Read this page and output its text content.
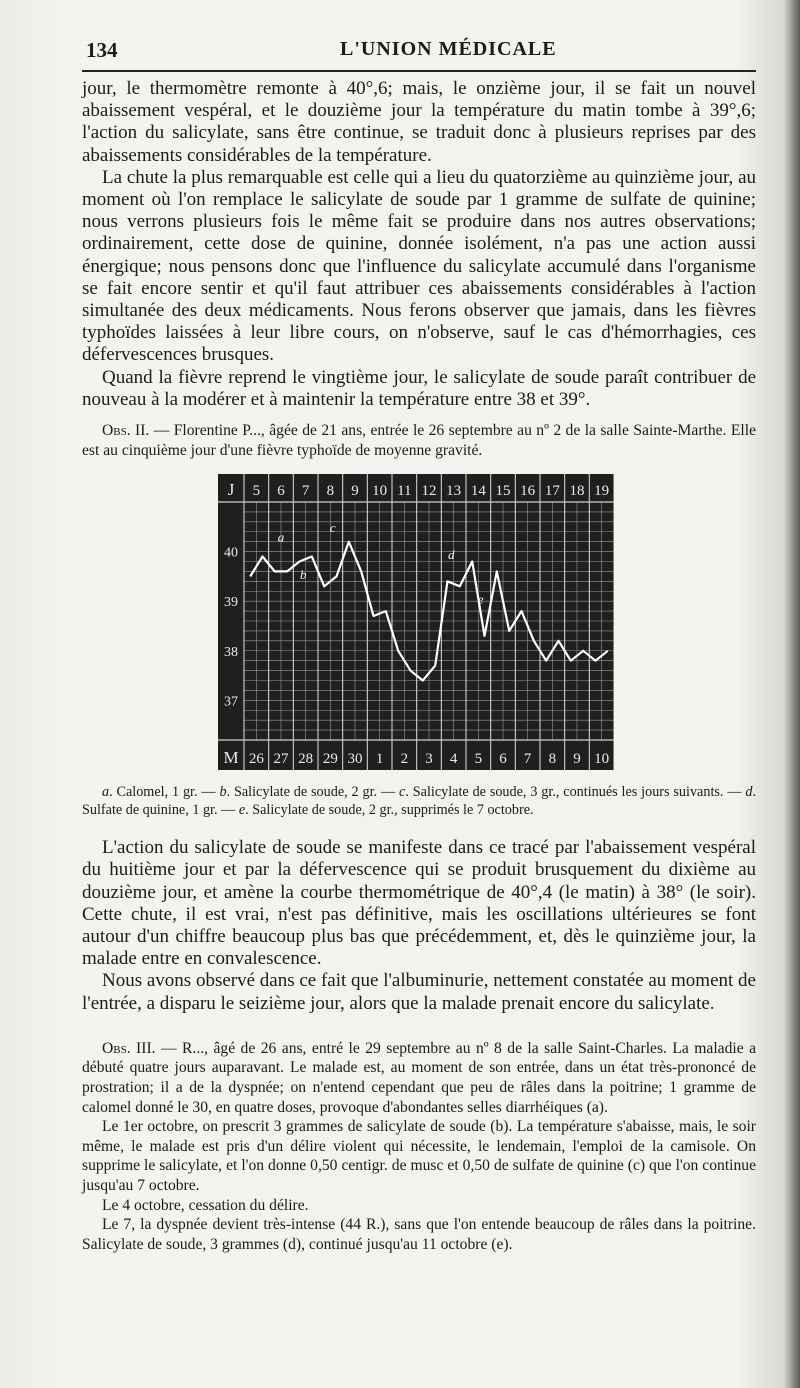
134	L'UNION MÉDICALE

jour, le thermomètre remonte à 40°,6; mais, le onzième jour, il se fait un nouvel abaissement vespéral, et le douzième jour la température du matin tombe à 39°,6; l'action du salicylate, sans être continue, se traduit donc à plusieurs reprises par des abaissements considérables de la température.

La chute la plus remarquable est celle qui a lieu du quatorzième au quinzième jour, au moment où l'on remplace le salicylate de soude par 1 gramme de sulfate de quinine; nous verrons plusieurs fois le même fait se produire dans nos autres observations; ordinairement, cette dose de quinine, donnée isolément, n'a pas une action aussi énergique; nous pensons donc que l'influence du salicylate accumulé dans l'organisme se fait encore sentir et qu'il faut attribuer ces abaissements considérables à l'action simultanée des deux médicaments. Nous ferons observer que jamais, dans les fièvres typhoïdes laissées à leur libre cours, on n'observe, sauf le cas d'hémorrhagies, ces défervescences brusques.

Quand la fièvre reprend le vingtième jour, le salicylate de soude paraît contribuer de nouveau à la modérer et à maintenir la température entre 38 et 39°.

Obs. II. — Florentine P..., âgée de 21 ans, entrée le 26 septembre au nº 2 de la salle Sainte-Marthe. Elle est au cinquième jour d'une fièvre typhoïde de moyenne gravité.

J
M
5 6 7 8 9 10 11 12 13 14 15 16 17 18 19
26 27 28 29 30 1 2 3 4 5 6 7 8 9 10
40
39
38
37
a
b
c
d
e

a. Calomel, 1 gr. — b. Salicylate de soude, 2 gr. — c. Salicylate de soude, 3 gr., continués les jours suivants. — d. Sulfate de quinine, 1 gr. — e. Salicylate de soude, 2 gr., supprimés le 7 octobre.

L'action du salicylate de soude se manifeste dans ce tracé par l'abaissement vespéral du huitième jour et par la défervescence qui se produit brusquement du dixième au douzième jour, et amène la courbe thermométrique de 40°,4 (le matin) à 38° (le soir). Cette chute, il est vrai, n'est pas définitive, mais les oscillations ultérieures se font autour d'un chiffre beaucoup plus bas que précédemment, et, dès le quinzième jour, la malade entre en convalescence.

Nous avons observé dans ce fait que l'albuminurie, nettement constatée au moment de l'entrée, a disparu le seizième jour, alors que la malade prenait encore du salicylate.

Obs. III. — R..., âgé de 26 ans, entré le 29 septembre au nº 8 de la salle Saint-Charles. La maladie a débuté quatre jours auparavant. Le malade est, au moment de son entrée, dans un état très-prononcé de prostration; il a de la dyspnée; on n'entend cependant que peu de râles dans la poitrine; 1 gramme de calomel donné le 30, en quatre doses, provoque d'abondantes selles diarrhéiques (a).

Le 1er octobre, on prescrit 3 grammes de salicylate de soude (b). La température s'abaisse, mais, le soir même, le malade est pris d'un délire violent qui nécessite, le lendemain, l'emploi de la camisole. On supprime le salicylate, et l'on donne 0,50 centigr. de musc et 0,50 de sulfate de quinine (c) que l'on continue jusqu'au 7 octobre.

Le 4 octobre, cessation du délire.

Le 7, la dyspnée devient très-intense (44 R.), sans que l'on entende beaucoup de râles dans la poitrine. Salicylate de soude, 3 grammes (d), continué jusqu'au 11 octobre (e).
